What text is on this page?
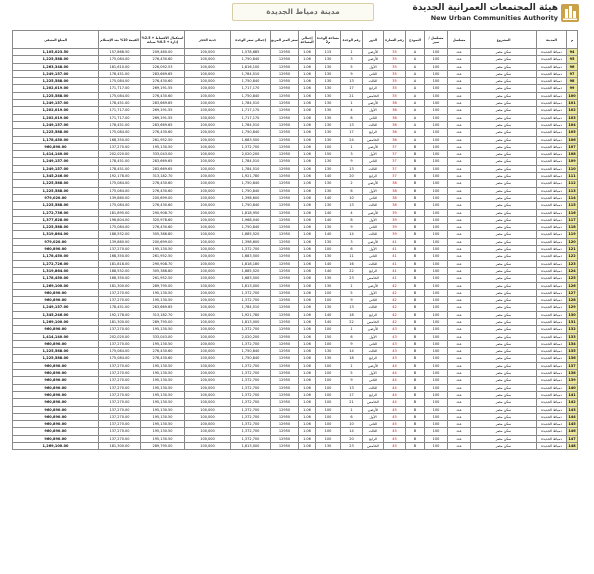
مدينة دمياط الجديدة	هيئة المجتمعات العمرانية الجديدة
New Urban Communities Authority
م	المدينة	المشروع	مسلسل	مسلسل / تميز	النموذج	رقم العمارة	الدور	رقم الوحدة	مساحة الوحدة م2	إجمالي المساحة	سعر المتر المربع	إجمالي سعر الوحدة	جدية الحجز	استكمال الأقساط + 2.5% إدارة + 0.5% صيانة	القيمة 10% بعد الإستلام	المبلغ المتبقي
94	دمياط الجديدة	سكن مصر	عدد	100	A	35	الأرضي	1	115	1.06	12950	1,578,685	100,000	209,480.00	157,868.50	1,105,023.50
95	دمياط الجديدة	سكن مصر	عدد	100	A	35	الأرضي	3	130	1.06	12950	1,750,840	100,000	276,430.60	175,084.00	1,225,588.00
96	دمياط الجديدة	سكن مصر	عدد	100	A	35	الأول	5	130	1.06	12950	1,816,100	100,000	226,092.53	181,610.00	1,263,348.00
97	دمياط الجديدة	سكن مصر	عدد	100	A	35	الثاني	9	130	1.06	12950	1,784,510	100,000	283,669.65	178,451.00	1,249,157.00
98	دمياط الجديدة	سكن مصر	عدد	100	A	35	الثالث	13	130	1.06	12950	1,750,840	100,000	276,430.60	175,084.00	1,225,588.00
99	دمياط الجديدة	سكن مصر	عدد	100	A	35	الرابع	17	130	1.06	12950	1,717,170	100,000	269,191.55	171,717.00	1,202,019.00
100	دمياط الجديدة	سكن مصر	عدد	100	A	35	الخامس	21	130	1.06	12950	1,750,840	100,000	276,430.60	175,084.00	1,225,588.00
101	دمياط الجديدة	سكن مصر	عدد	100	A	36	الأرضي	1	130	1.06	12950	1,784,510	100,000	283,669.65	178,451.00	1,249,157.00
102	دمياط الجديدة	سكن مصر	عدد	100	A	36	الأول	4	130	1.06	12950	1,717,170	100,000	269,191.55	171,717.00	1,202,019.00
103	دمياط الجديدة	سكن مصر	عدد	100	A	36	الثاني	8	130	1.06	12950	1,717,170	100,000	269,191.55	171,717.00	1,202,019.00
104	دمياط الجديدة	سكن مصر	عدد	100	A	36	الثالث	13	130	1.06	12950	1,784,510	100,000	283,669.65	178,451.00	1,249,157.00
105	دمياط الجديدة	سكن مصر	عدد	100	A	36	الرابع	17	130	1.06	12950	1,750,840	100,000	276,430.60	175,084.00	1,225,588.00
106	دمياط الجديدة	سكن مصر	عدد	100	A	36	الخامس	24	130	1.06	12950	1,683,500	100,000	261,952.50	168,350.00	1,178,450.00
107	دمياط الجديدة	سكن مصر	عدد	100	B	37	الأرضي	1	100	1.06	12950	1,372,700	100,000	195,130.50	137,270.00	960,890.00
108	دمياط الجديدة	سكن مصر	عدد	100	B	37	الأول	3	150	1.06	12950	2,020,200	100,000	333,043.00	202,020.00	1,414,140.00
109	دمياط الجديدة	سكن مصر	عدد	100	B	37	الثاني	9	130	1.06	12950	1,784,510	100,000	283,669.65	178,451.00	1,249,157.00
110	دمياط الجديدة	سكن مصر	عدد	100	B	37	الثالث	13	130	1.06	12950	1,784,510	100,000	283,669.65	178,451.00	1,249,157.00
111	دمياط الجديدة	سكن مصر	عدد	100	B	37	الرابع	20	140	1.06	12950	1,921,780	100,000	313,182.70	192,178.00	1,345,246.00
112	دمياط الجديدة	سكن مصر	عدد	100	B	38	الأرضي	2	130	1.06	12950	1,750,840	100,000	276,430.60	175,084.00	1,225,588.00
113	دمياط الجديدة	سكن مصر	عدد	100	B	38	الأول	6	130	1.06	12950	1,750,840	100,000	276,430.60	175,084.00	1,225,588.00
114	دمياط الجديدة	سكن مصر	عدد	100	B	38	الثاني	10	140	1.06	12950	1,398,600	100,000	200,699.00	139,860.00	979,020.00
115	دمياط الجديدة	سكن مصر	عدد	100	B	38	الثالث	13	130	1.06	12950	1,750,840	100,000	276,430.60	175,084.00	1,225,588.00
116	دمياط الجديدة	سكن مصر	عدد	100	B	39	الأرضي	4	140	1.06	12950	1,818,950	100,000	290,908.70	181,895.00	1,272,736.00
117	دمياط الجديدة	سكن مصر	عدد	100	B	39	الأول	8	140	1.06	12950	1,968,040	100,000	320,978.60	196,804.00	1,377,628.00
118	دمياط الجديدة	سكن مصر	عدد	100	B	39	الثاني	9	130	1.06	12950	1,750,840	100,000	276,430.60	175,084.00	1,225,588.00
119	دمياط الجديدة	سكن مصر	عدد	100	B	39	الثالث	14	140	1.06	12950	1,885,520	100,000	305,386.80	188,552.00	1,319,864.00
120	دمياط الجديدة	سكن مصر	عدد	100	B	41	الأرضي	3	130	1.06	12950	1,398,600	100,000	200,699.00	139,860.00	979,020.00
121	دمياط الجديدة	سكن مصر	عدد	100	B	41	الأول	6	100	1.06	12950	1,372,700	100,000	195,130.50	137,270.00	960,890.00
122	دمياط الجديدة	سكن مصر	عدد	100	B	41	الثاني	11	130	1.06	12950	1,683,500	100,000	261,952.50	168,350.00	1,178,450.00
123	دمياط الجديدة	سكن مصر	عدد	100	B	41	الثالث	16	140	1.06	12950	1,818,180	100,000	290,908.70	181,818.00	1,272,726.00
124	دمياط الجديدة	سكن مصر	عدد	100	B	41	الرابع	22	140	1.06	12950	1,885,520	100,000	305,386.80	188,552.00	1,319,864.00
125	دمياط الجديدة	سكن مصر	عدد	100	B	41	الخامس	23	130	1.06	12950	1,683,500	100,000	261,952.50	168,350.00	1,178,450.00
126	دمياط الجديدة	سكن مصر	عدد	100	B	42	الأرضي	1	130	1.06	12950	1,813,000	100,000	289,795.00	181,300.00	1,269,100.00
127	دمياط الجديدة	سكن مصر	عدد	100	B	42	الأول	5	100	1.06	12950	1,372,700	100,000	195,130.50	137,270.00	960,890.00
128	دمياط الجديدة	سكن مصر	عدد	100	B	42	الثاني	9	100	1.06	12950	1,372,700	100,000	195,130.50	137,270.00	960,890.00
129	دمياط الجديدة	سكن مصر	عدد	100	B	42	الثالث	13	130	1.06	12950	1,784,510	100,000	283,669.65	178,451.00	1,249,157.00
130	دمياط الجديدة	سكن مصر	عدد	100	B	42	الرابع	18	140	1.06	12950	1,921,780	100,000	313,182.70	192,178.00	1,345,246.00
131	دمياط الجديدة	سكن مصر	عدد	100	B	42	الخامس	22	140	1.06	12950	1,813,000	100,000	289,795.00	181,300.00	1,269,100.00
132	دمياط الجديدة	سكن مصر	عدد	100	B	43	الأرضي	1	100	1.06	12950	1,372,700	100,000	195,130.50	137,270.00	960,890.00
133	دمياط الجديدة	سكن مصر	عدد	100	B	43	الأول	6	150	1.06	12950	2,020,200	100,000	333,043.00	202,020.00	1,414,140.00
134	دمياط الجديدة	سكن مصر	عدد	100	B	43	الثاني	9	100	1.06	12950	1,372,700	100,000	195,130.50	137,270.00	960,890.00
135	دمياط الجديدة	سكن مصر	عدد	100	B	43	الثالث	14	130	1.06	12950	1,750,840	100,000	276,430.60	175,084.00	1,225,588.00
136	دمياط الجديدة	سكن مصر	عدد	100	B	43	الرابع	18	130	1.06	12950	1,750,840	100,000	276,430.60	175,084.00	1,225,588.00
137	دمياط الجديدة	سكن مصر	عدد	100	B	44	الأرضي	1	100	1.06	12950	1,372,700	100,000	195,130.50	137,270.00	960,890.00
138	دمياط الجديدة	سكن مصر	عدد	100	B	44	الأول	5	100	1.06	12950	1,372,700	100,000	195,130.50	137,270.00	960,890.00
139	دمياط الجديدة	سكن مصر	عدد	100	B	44	الثاني	9	100	1.06	12950	1,372,700	100,000	195,130.50	137,270.00	960,890.00
140	دمياط الجديدة	سكن مصر	عدد	100	B	44	الثالث	13	100	1.06	12950	1,372,700	100,000	195,130.50	137,270.00	960,890.00
141	دمياط الجديدة	سكن مصر	عدد	100	B	44	الرابع	17	100	1.06	12950	1,372,700	100,000	195,130.50	137,270.00	960,890.00
142	دمياط الجديدة	سكن مصر	عدد	100	B	44	الخامس	21	100	1.06	12950	1,372,700	100,000	195,130.50	137,270.00	960,890.00
143	دمياط الجديدة	سكن مصر	عدد	100	B	45	الأرضي	1	100	1.06	12950	1,372,700	100,000	195,130.50	137,270.00	960,890.00
144	دمياط الجديدة	سكن مصر	عدد	100	B	45	الأول	6	100	1.06	12950	1,372,700	100,000	195,130.50	137,270.00	960,890.00
145	دمياط الجديدة	سكن مصر	عدد	100	B	45	الثاني	10	100	1.06	12950	1,372,700	100,000	195,130.50	137,270.00	960,890.00
146	دمياط الجديدة	سكن مصر	عدد	100	B	45	الثالث	14	100	1.06	12950	1,372,700	100,000	195,130.50	137,270.00	960,890.00
147	دمياط الجديدة	سكن مصر	عدد	100	B	45	الرابع	20	100	1.06	12950	1,372,700	100,000	195,130.50	137,270.00	960,890.00
148	دمياط الجديدة	سكن مصر	عدد	100	B	45	الخامس	23	130	1.06	12950	1,813,000	100,000	289,795.00	181,300.00	1,269,100.00
